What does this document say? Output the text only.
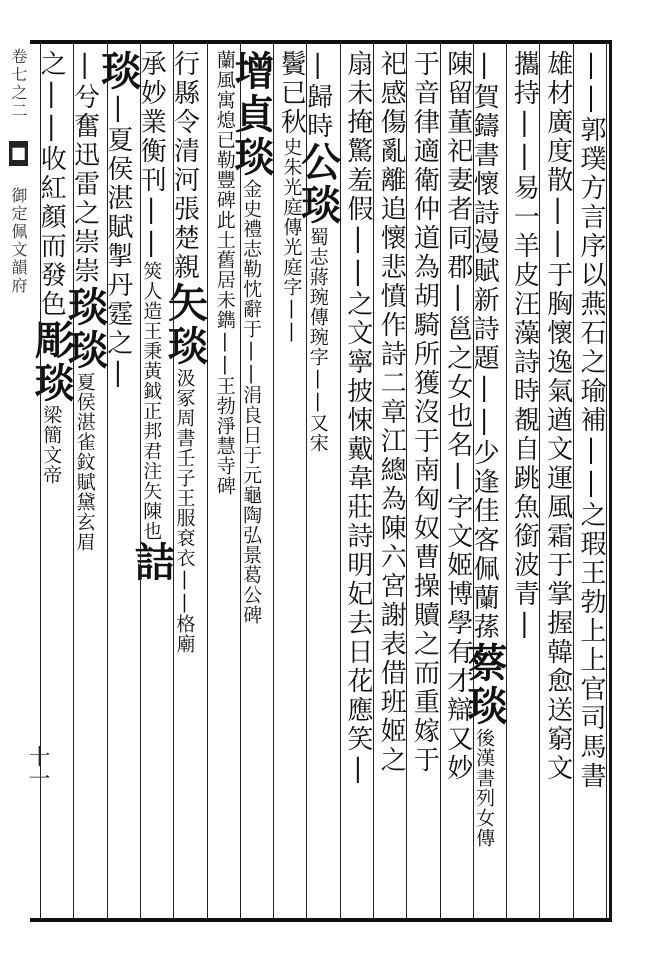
卷七之二 ■ 御定佩文韻府
十一	||郭璞方言序以燕石之瑜補||之瑕王勃上上官司馬書
雄材廣度散||于胸懷逸氣遒文運風霜于掌握韓愈送窮文
攜持||易一羊皮汪藻詩時覩自跳魚銜波青|
|賀鑄書懷詩漫賦新詩題||少逢佳客佩蘭蓀蔡琰後漢書列女傳
陳留董祀妻者同郡|邕之女也名|字文姬博學有才辯又妙
于音律適衛仲道為胡騎所獲沒于南匈奴曹操贖之而重嫁于
祀感傷亂離追懷悲憤作詩二章江總為陳六宮謝表借班姬之
扇未掩驚羞假||之文寧披悚戴韋莊詩明妃去日花應笑|
|歸時公琰蜀志蔣琬傳琬字||又宋
鬢已秋史朱光庭傳光庭字||
增貞琰金史禮志勒忱辭于||涓良日于元龜陶弘景葛公碑
蘭風寓熄已勒豐碑此土舊居未鐫||王勃淨慧寺碑
行縣令清河張楚親矢琰汲冢周書壬子王服袞衣||格廟
承妙業衡刊||筴人造王秉黃鉞正邦君注矢陳也詰
琰|夏侯湛賦掣丹霆之|
|兮奮迅雷之崇崇琰琰夏侯湛雀鈫賦黛玄眉
之||收紅顏而發色彫琰梁簡文帝
